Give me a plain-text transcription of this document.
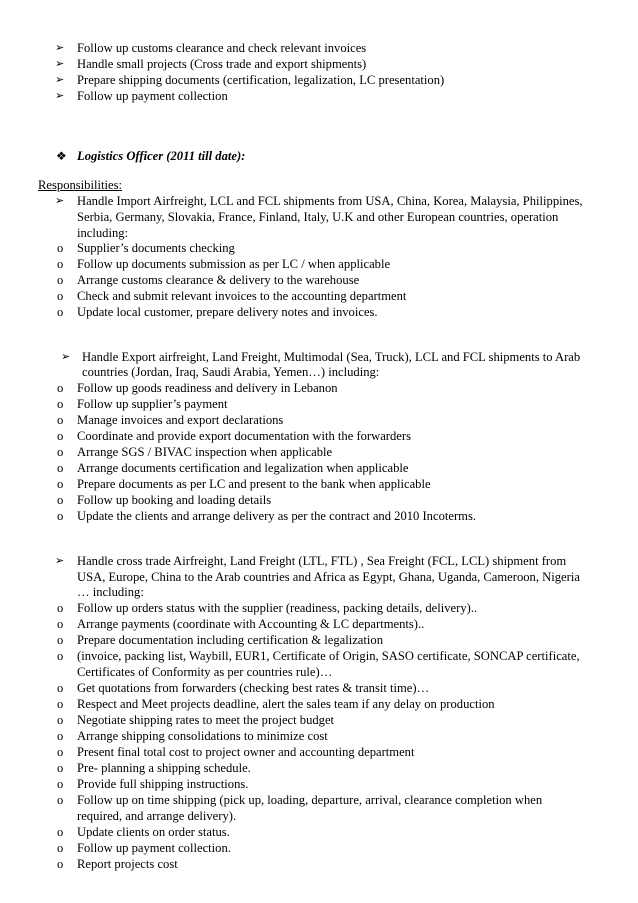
➢ Follow up customs clearance and check relevant invoices
➢ Handle small projects (Cross trade and export shipments)
➢ Prepare shipping documents (certification, legalization, LC presentation)
➢ Follow up payment collection
❖ Logistics Officer (2011 till date):
Responsibilities:
➢ Handle Import Airfreight, LCL and FCL shipments from USA, China, Korea, Malaysia, Philippines,
Serbia, Germany, Slovakia, France, Finland, Italy, U.K and other European countries, operation
including:
o Supplier’s documents checking
o Follow up documents submission as per LC / when applicable
o Arrange customs clearance & delivery to the warehouse
o Check and submit relevant invoices to the accounting department
o Update local customer, prepare delivery notes and invoices.
➢ Handle Export airfreight, Land Freight, Multimodal (Sea, Truck), LCL and FCL shipments to Arab
countries (Jordan, Iraq, Saudi Arabia, Yemen…) including:
o Follow up goods readiness and delivery in Lebanon
o Follow up supplier’s payment
o Manage invoices and export declarations
o Coordinate and provide export documentation with the forwarders
o Arrange SGS / BIVAC inspection when applicable
o Arrange documents certification and legalization when applicable
o Prepare documents as per LC and present to the bank when applicable
o Follow up booking and loading details
o Update the clients and arrange delivery as per the contract and 2010 Incoterms.
➢ Handle cross trade Airfreight, Land Freight (LTL, FTL) , Sea Freight (FCL, LCL) shipment from
USA, Europe, China to the Arab countries and Africa as Egypt, Ghana, Uganda, Cameroon, Nigeria
… including:
o Follow up orders status with the supplier (readiness, packing details, delivery)..
o Arrange payments (coordinate with Accounting & LC departments)..
o Prepare documentation including certification & legalization
o (invoice, packing list, Waybill, EUR1, Certificate of Origin, SASO certificate, SONCAP certificate,
Certificates of Conformity as per countries rule)…
o Get quotations from forwarders (checking best rates & transit time)…
o Respect and Meet projects deadline, alert the sales team if any delay on production
o Negotiate shipping rates to meet the project budget
o Arrange shipping consolidations to minimize cost
o Present final total cost to project owner and accounting department
o Pre- planning a shipping schedule.
o Provide full shipping instructions.
o Follow up on time shipping (pick up, loading, departure, arrival, clearance completion when
required, and arrange delivery).
o Update clients on order status.
o Follow up payment collection.
o Report projects cost
